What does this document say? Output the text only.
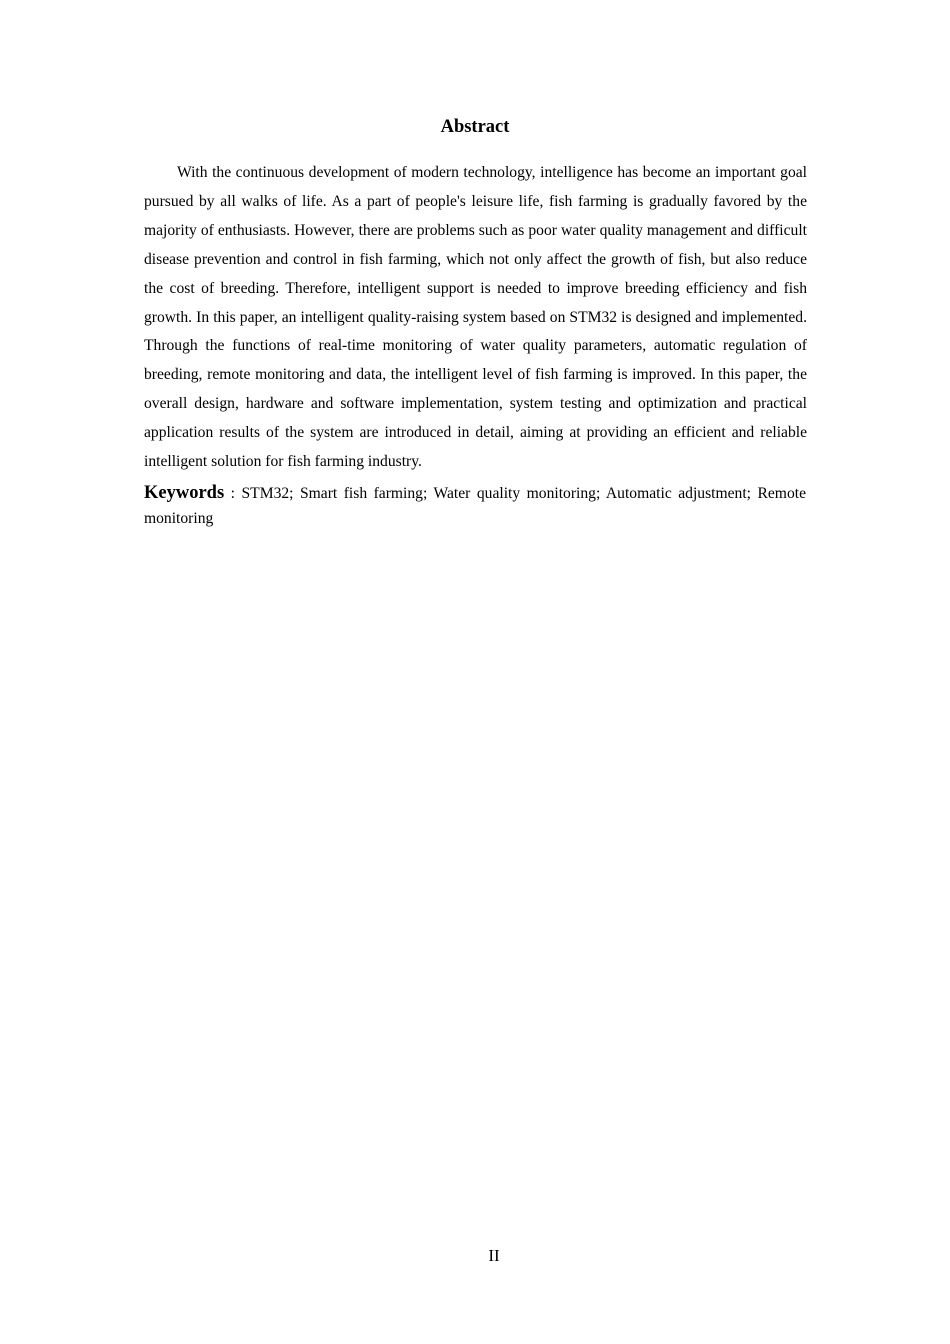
Abstract

With the continuous development of modern technology, intelligence has become an important goal pursued by all walks of life. As a part of people's leisure life, fish farming is gradually favored by the majority of enthusiasts. However, there are problems such as poor water quality management and difficult disease prevention and control in fish farming, which not only affect the growth of fish, but also reduce the cost of breeding. Therefore, intelligent support is needed to improve breeding efficiency and fish growth. In this paper, an intelligent quality-raising system based on STM32 is designed and implemented. Through the functions of real-time monitoring of water quality parameters, automatic regulation of breeding, remote monitoring and data, the intelligent level of fish farming is improved. In this paper, the overall design, hardware and software implementation, system testing and optimization and practical application results of the system are introduced in detail, aiming at providing an efficient and reliable intelligent solution for fish farming industry.

Keywords : STM32; Smart fish farming; Water quality monitoring; Automatic adjustment; Remote monitoring

II
